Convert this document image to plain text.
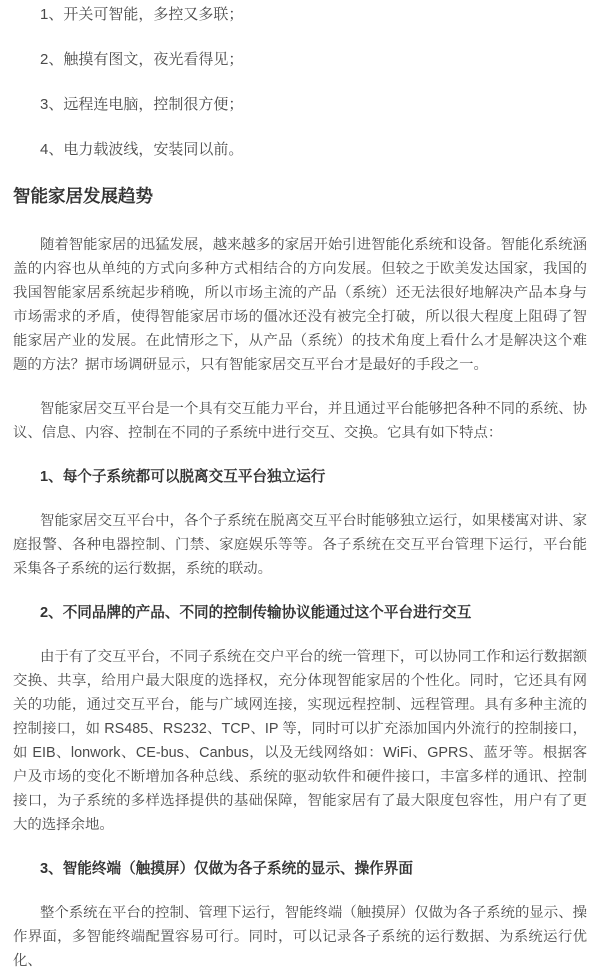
1、开关可智能，多控又多联；

2、触摸有图文，夜光看得见；

3、远程连电脑，控制很方便；

4、电力载波线，安装同以前。

智能家居发展趋势

随着智能家居的迅猛发展，越来越多的家居开始引进智能化系统和设备。智能化系统涵盖的内容也从单纯的方式向多种方式相结合的方向发展。但较之于欧美发达国家，我国的我国智能家居系统起步稍晚，所以市场主流的产品（系统）还无法很好地解决产品本身与市场需求的矛盾，使得智能家居市场的僵冰还没有被完全打破，所以很大程度上阻碍了智能家居产业的发展。在此情形之下，从产品（系统）的技术角度上看什么才是解决这个难题的方法？据市场调研显示，只有智能家居交互平台才是最好的手段之一。

智能家居交互平台是一个具有交互能力平台，并且通过平台能够把各种不同的系统、协议、信息、内容、控制在不同的子系统中进行交互、交换。它具有如下特点：

1、每个子系统都可以脱离交互平台独立运行

智能家居交互平台中，各个子系统在脱离交互平台时能够独立运行，如果楼寓对讲、家庭报警、各种电器控制、门禁、家庭娱乐等等。各子系统在交互平台管理下运行，平台能采集各子系统的运行数据，系统的联动。

2、不同品牌的产品、不同的控制传输协议能通过这个平台进行交互

由于有了交互平台，不同子系统在交户平台的统一管理下，可以协同工作和运行数据额交换、共享，给用户最大限度的选择权，充分体现智能家居的个性化。同时，它还具有网关的功能，通过交互平台，能与广域网连接，实现远程控制、远程管理。具有多种主流的控制接口，如 RS485、RS232、TCP、IP 等，同时可以扩充添加国内外流行的控制接口，如 EIB、lonwork、CE-bus、Canbus，以及无线网络如：WiFi、GPRS、蓝牙等。根据客户及市场的变化不断增加各种总线、系统的驱动软件和硬件接口，丰富多样的通讯、控制接口，为子系统的多样选择提供的基础保障，智能家居有了最大限度包容性，用户有了更大的选择余地。

3、智能终端（触摸屏）仅做为各子系统的显示、操作界面

整个系统在平台的控制、管理下运行，智能终端（触摸屏）仅做为各子系统的显示、操作界面，多智能终端配置容易可行。同时，可以记录各子系统的运行数据、为系统运行优化、
